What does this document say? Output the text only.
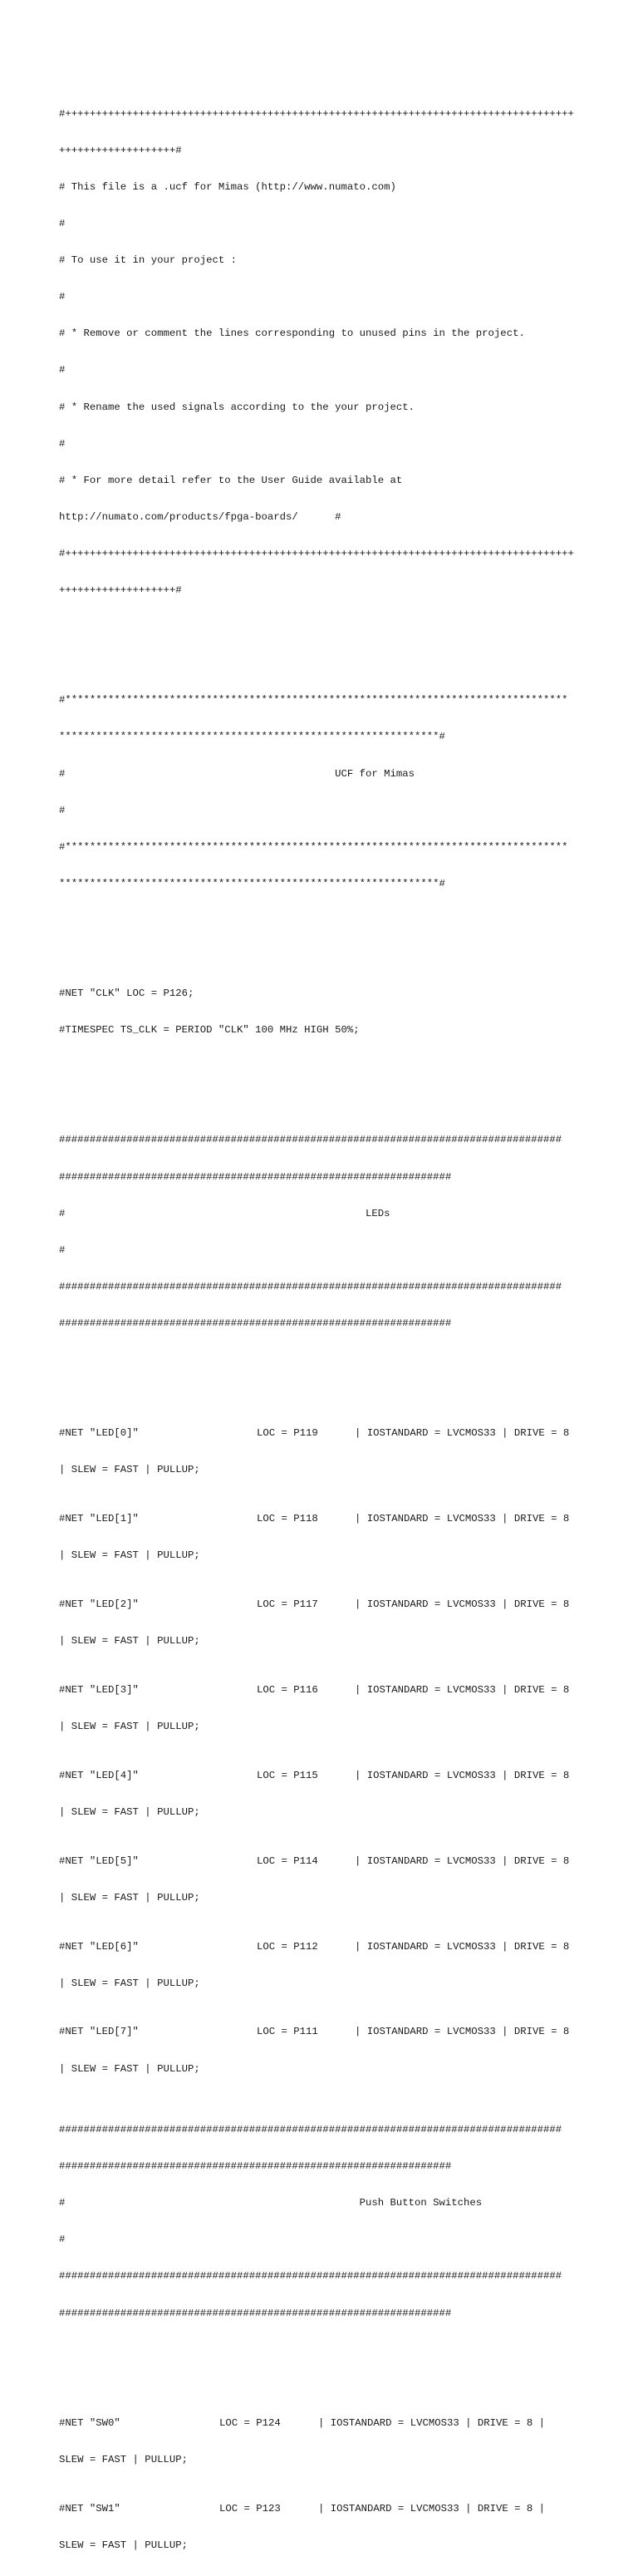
#+++++++++++++++++++++++++++++++++++++++++++++++++++++++++++++++++++++++++++++++++++

+++++++++++++++++++#

# This file is a .ucf for Mimas (http://www.numato.com)

#

# To use it in your project :

#

# * Remove or comment the lines corresponding to unused pins in the project.

#

# * Rename the used signals according to the your project.

#

# * For more detail refer to the User Guide available at

http://numato.com/products/fpga-boards/      #

#+++++++++++++++++++++++++++++++++++++++++++++++++++++++++++++++++++++++++++++++++++

+++++++++++++++++++#

#**********************************************************************************

**************************************************************#

#                                            UCF for Mimas

#

#**********************************************************************************

**************************************************************#

#NET "CLK" LOC = P126;

#TIMESPEC TS_CLK = PERIOD "CLK" 100 MHz HIGH 50%;

##################################################################################

################################################################

#                                                 LEDs

#

##################################################################################

################################################################

#NET "LED[0]"

	LOC = P119

	| IOSTANDARD = LVCMOS33 | DRIVE = 8

| SLEW = FAST | PULLUP;

#NET "LED[1]"

	LOC = P118

	| IOSTANDARD = LVCMOS33 | DRIVE = 8

| SLEW = FAST | PULLUP;

#NET "LED[2]"

	LOC = P117

	| IOSTANDARD = LVCMOS33 | DRIVE = 8

| SLEW = FAST | PULLUP;

#NET "LED[3]"

	LOC = P116

	| IOSTANDARD = LVCMOS33 | DRIVE = 8

| SLEW = FAST | PULLUP;

#NET "LED[4]"

	LOC = P115

	| IOSTANDARD = LVCMOS33 | DRIVE = 8

| SLEW = FAST | PULLUP;

#NET "LED[5]"

	LOC = P114

	| IOSTANDARD = LVCMOS33 | DRIVE = 8

| SLEW = FAST | PULLUP;

#NET "LED[6]"

	LOC = P112

	| IOSTANDARD = LVCMOS33 | DRIVE = 8

| SLEW = FAST | PULLUP;

#NET "LED[7]"

	LOC = P111

	| IOSTANDARD = LVCMOS33 | DRIVE = 8

| SLEW = FAST | PULLUP;

##################################################################################

################################################################

#                                                Push Button Switches

#

##################################################################################

################################################################

#NET "SW0"

	LOC = P124

	| IOSTANDARD = LVCMOS33 | DRIVE = 8 |

SLEW = FAST | PULLUP;

#NET "SW1"

	LOC = P123

	| IOSTANDARD = LVCMOS33 | DRIVE = 8 |

SLEW = FAST | PULLUP;
